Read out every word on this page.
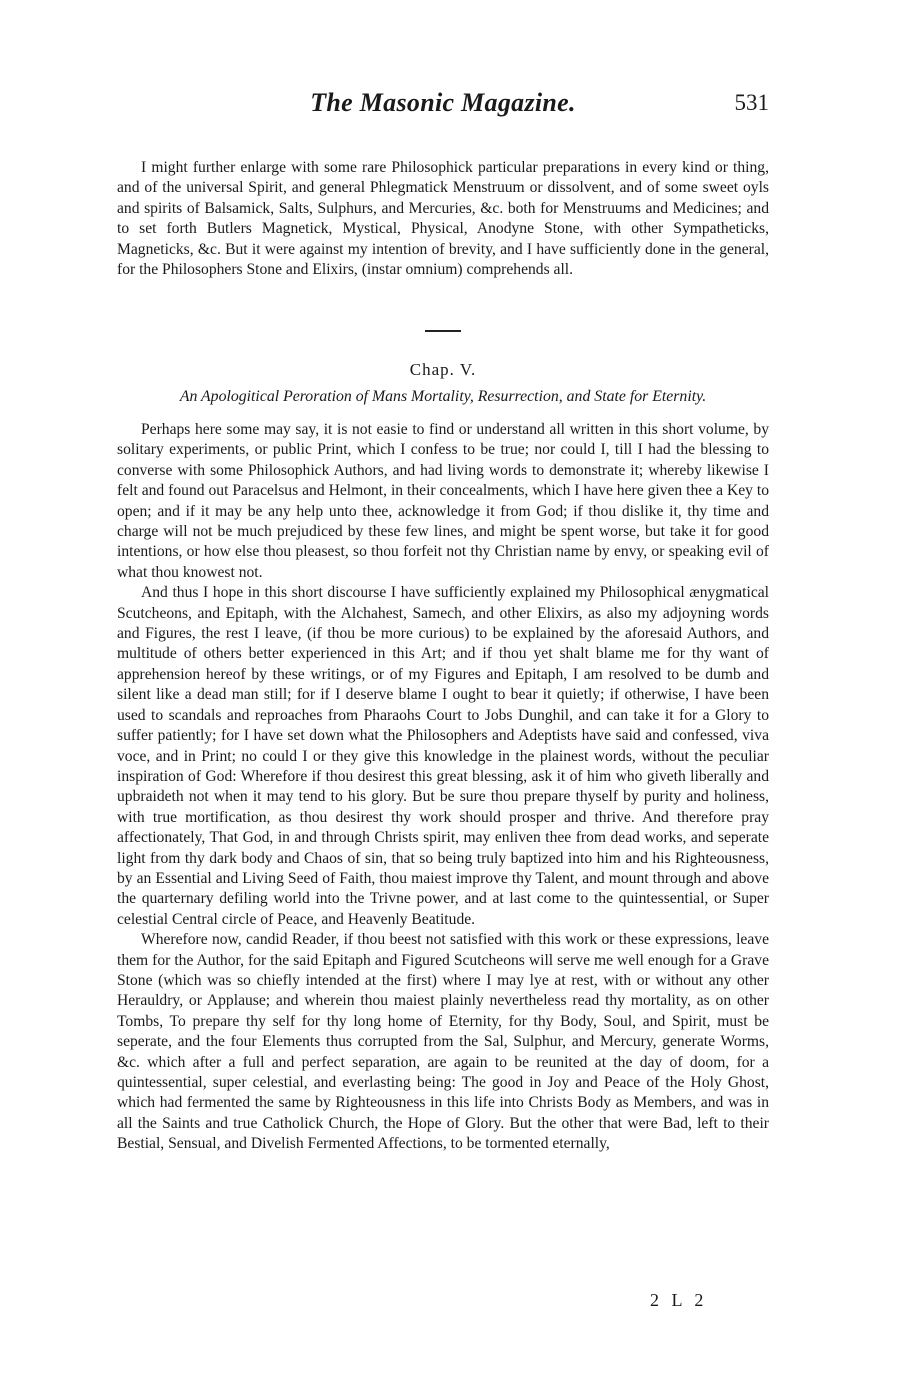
The Masonic Magazine.	531

I might further enlarge with some rare Philosophick particular preparations in every kind or thing, and of the universal Spirit, and general Phlegmatick Menstruum or dissolvent, and of some sweet oyls and spirits of Balsamick, Salts, Sulphurs, and Mercuries, &c. both for Menstruums and Medicines; and to set forth Butlers Magnetick, Mystical, Physical, Anodyne Stone, with other Sympatheticks, Magneticks, &c. But it were against my intention of brevity, and I have sufficiently done in the general, for the Philosophers Stone and Elixirs, (instar omnium) comprehends all.

Chap. V.
An Apologitical Peroration of Mans Mortality, Resurrection, and State for Eternity.

Perhaps here some may say, it is not easie to find or understand all written in this short volume, by solitary experiments, or public Print, which I confess to be true; nor could I, till I had the blessing to converse with some Philosophick Authors, and had living words to demonstrate it; whereby likewise I felt and found out Paracelsus and Helmont, in their concealments, which I have here given thee a Key to open; and if it may be any help unto thee, acknowledge it from God; if thou dislike it, thy time and charge will not be much prejudiced by these few lines, and might be spent worse, but take it for good intentions, or how else thou pleasest, so thou forfeit not thy Christian name by envy, or speaking evil of what thou knowest not.

And thus I hope in this short discourse I have sufficiently explained my Philosophical ænygmatical Scutcheons, and Epitaph, with the Alchahest, Samech, and other Elixirs, as also my adjoyning words and Figures, the rest I leave, (if thou be more curious) to be explained by the aforesaid Authors, and multitude of others better experienced in this Art; and if thou yet shalt blame me for thy want of apprehension hereof by these writings, or of my Figures and Epitaph, I am resolved to be dumb and silent like a dead man still; for if I deserve blame I ought to bear it quietly; if otherwise, I have been used to scandals and reproaches from Pharaohs Court to Jobs Dunghil, and can take it for a Glory to suffer patiently; for I have set down what the Philosophers and Adeptists have said and confessed, viva voce, and in Print; no could I or they give this knowledge in the plainest words, without the peculiar inspiration of God: Wherefore if thou desirest this great blessing, ask it of him who giveth liberally and upbraideth not when it may tend to his glory. But be sure thou prepare thyself by purity and holiness, with true mortification, as thou desirest thy work should prosper and thrive. And therefore pray affectionately, That God, in and through Christs spirit, may enliven thee from dead works, and seperate light from thy dark body and Chaos of sin, that so being truly baptized into him and his Righteousness, by an Essential and Living Seed of Faith, thou maiest improve thy Talent, and mount through and above the quarternary defiling world into the Trivne power, and at last come to the quintessential, or Super celestial Central circle of Peace, and Heavenly Beatitude.

Wherefore now, candid Reader, if thou beest not satisfied with this work or these expressions, leave them for the Author, for the said Epitaph and Figured Scutcheons will serve me well enough for a Grave Stone (which was so chiefly intended at the first) where I may lye at rest, with or without any other Herauldry, or Applause; and wherein thou maiest plainly nevertheless read thy mortality, as on other Tombs, To prepare thy self for thy long home of Eternity, for thy Body, Soul, and Spirit, must be seperate, and the four Elements thus corrupted from the Sal, Sulphur, and Mercury, generate Worms, &c. which after a full and perfect separation, are again to be reunited at the day of doom, for a quintessential, super celestial, and everlasting being: The good in Joy and Peace of the Holy Ghost, which had fermented the same by Righteousness in this life into Christs Body as Members, and was in all the Saints and true Catholick Church, the Hope of Glory. But the other that were Bad, left to their Bestial, Sensual, and Divelish Fermented Affections, to be tormented eternally,

2 L 2
